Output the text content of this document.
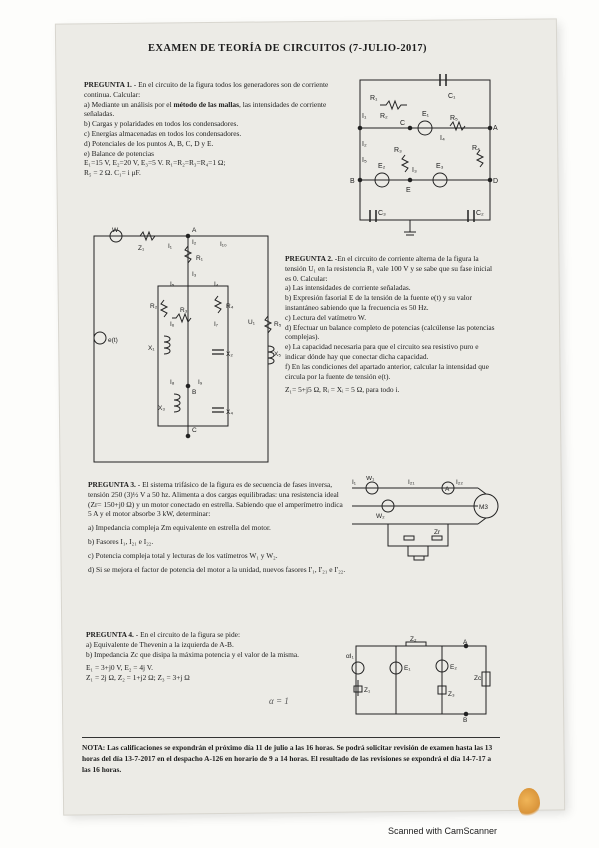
EXAMEN DE TEORÍA DE CIRCUITOS (7-JULIO-2017)

PREGUNTA 1. - En el circuito de la figura todos los generadores son de corriente continua. Calcular:

a) Mediante un análisis por el método de las mallas, las intensidades de corriente señaladas.

b) Cargas y polaridades en todos los condensadores.

c) Energías almacenadas en todos los condensadores.

d) Potenciales de los puntos A, B, C, D y E.

e) Balance de potencias

E₁=15 V, E₂=20 V, E₃=5 V. R₁=R₂=R₃=R₄=1 Ω;

R₅ = 2 Ω. C₁= i μF.

R₁
R₂
R₃	R₄
R₅
C₁
C₂
C₃
E₁
E₂	E₃
I₁
I₂
I₃
I₄
I₅
A
B
C
D
E
W
Z₁
R₁
R₂
R₃
R₄
R₅
X₁
X₂
X₃
X₄
X₅
e(t)
A
B
C
U₁
I₁
I₂
I₃
I₄
I₅
I₆	I₇
I₈	I₉
I₁₀

PREGUNTA 2. -En el circuito de corriente alterna de la figura la tensión U₁ en la resistencia R₁ vale 100 V y se sabe que su fase inicial es 0. Calcular:

a) Las intensidades de corriente señaladas.

b) Expresión fasorial E de la tensión de la fuente e(t) y su valor instantáneo sabiendo que la frecuencia es 50 Hz.

c) Lectura del vatímetro W.

d) Efectuar un balance completo de potencias (calcúlense las potencias complejas).

e) La capacidad necesaria para que el circuito sea resistivo puro e indicar dónde hay que conectar dicha capacidad.

f) En las condiciones del apartado anterior, calcular la intensidad que circula por la fuente de tensión e(t).

Z₁= 5+j5 Ω, Rᵢ = Xᵢ = 5 Ω, para todo i.

PREGUNTA 3. - El sistema trifásico de la figura es de secuencia de fases inversa, tensión 250 (3)½ V a 50 hz. Alimenta a dos cargas equilibradas: una resistencia ideal (Zr= 150+j0 Ω) y un motor conectado en estrella. Sabiendo que el amperímetro indica 5 A y el motor absorbe 3 kW, determinar:

a) Impedancia compleja Zm equivalente en estrella del motor.

b) Fasores I₁, I₂₁ e I₂₂.

c) Potencia compleja total y lecturas de los vatímetros W₁ y W₂.

d) Si se mejora el factor de potencia del motor a la unidad, nuevos fasores I'₁, I'₂₁ e I'₂₂.

W₁
W₂
A
M3
I₁	I₂₁	I₂₂
Zr

PREGUNTA 4. - En el circuito de la figura se pide:

a) Equivalente de Thevenin a la izquierda de A-B.

b) Impedancia Zc que disipa la máxima potencia y el valor de la misma.

E₁ = 3+j0 V, E₂ = 4j V.

Z₁ = 2j Ω, Z₂ = 1+j2 Ω; Z₃ = 3+j Ω

α = 1
Z₁
Z₂
Z₃
Zc
E₁	E₂
A
B
αI₁
NOTA: Las calificaciones se expondrán el próximo día 11 de julio a las 16 horas. Se podrá solicitar revisión de examen hasta las 13 horas del día 13-7-2017 en el despacho A-126 en horario de 9 a 14 horas. El resultado de las revisiones se expondrá el día 14-7-17 a las 16 horas.
Scanned with CamScanner
